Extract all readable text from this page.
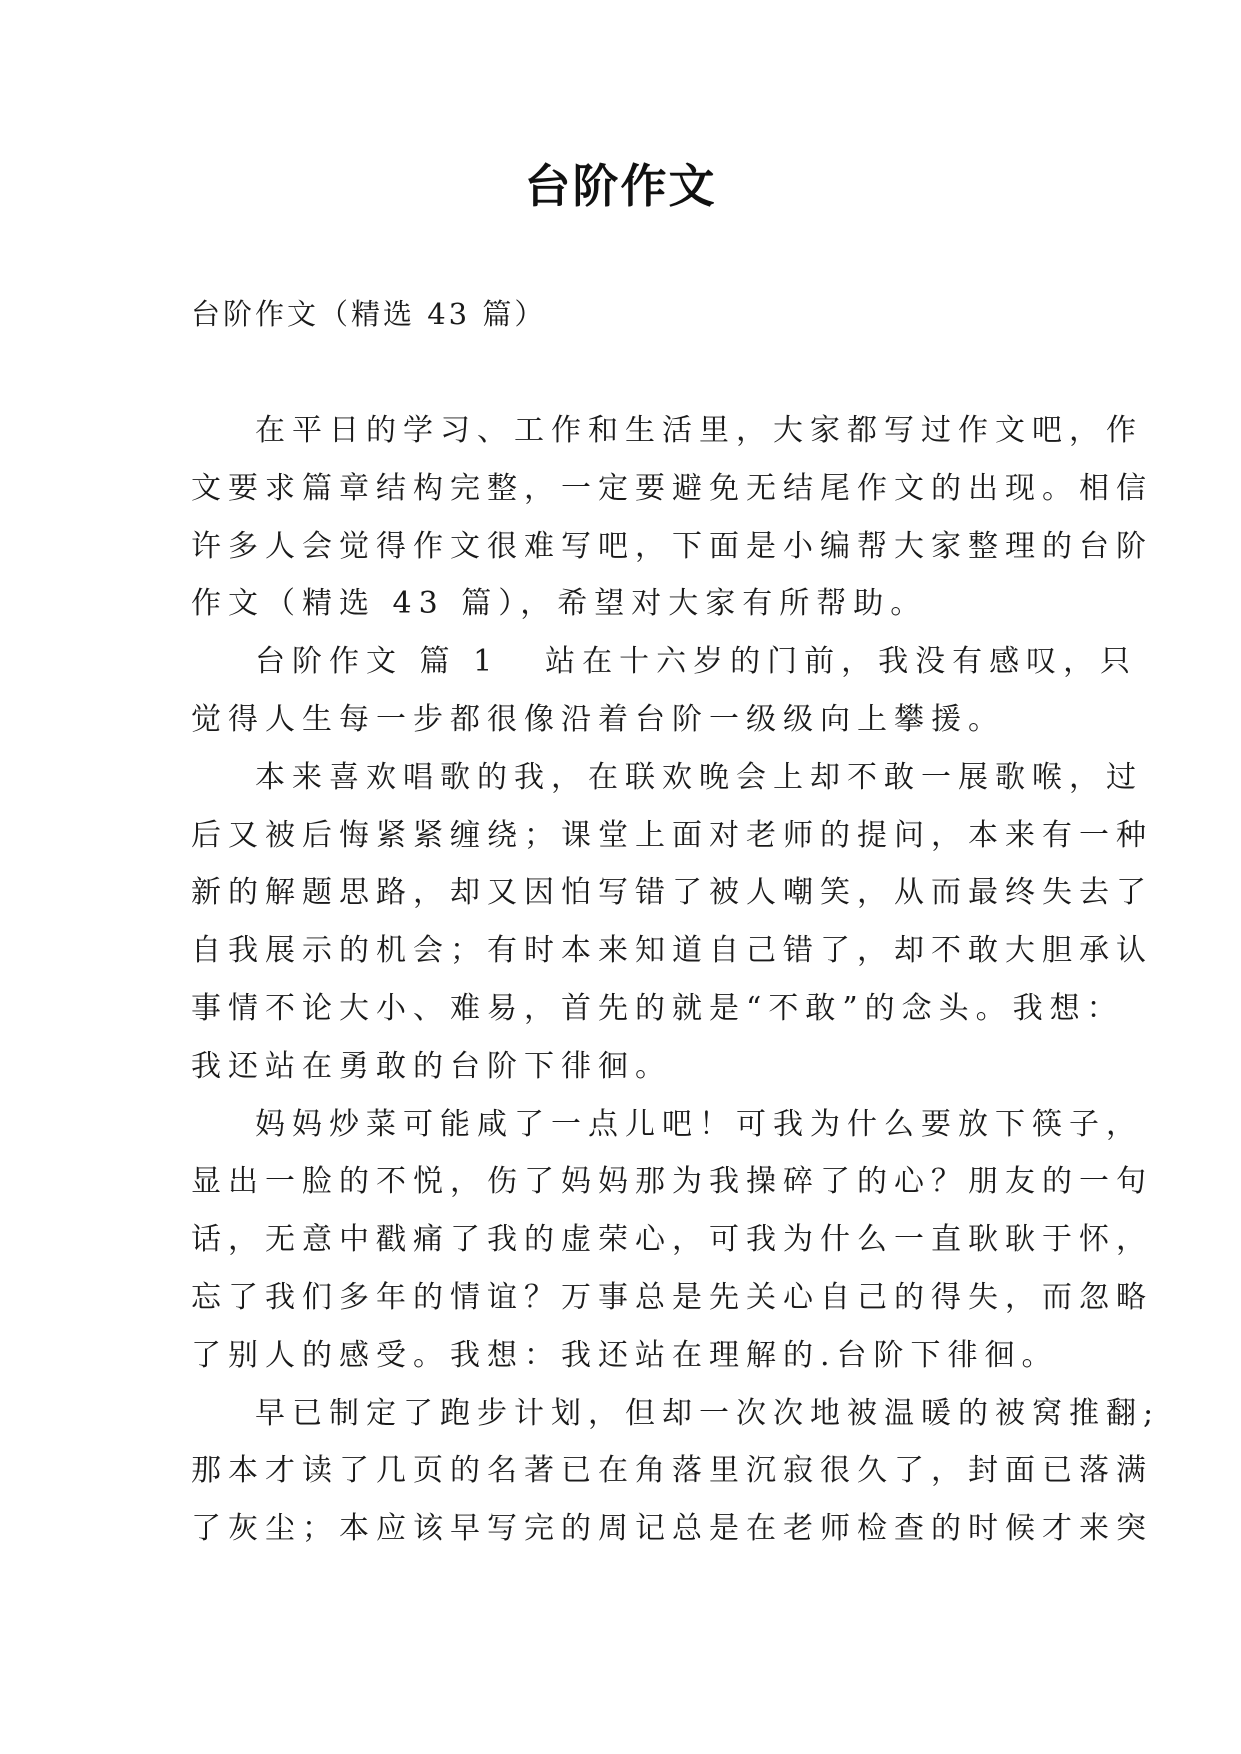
台阶作文

台阶作文（精选 43 篇）

在平日的学习、工作和生活里，大家都写过作文吧，作
文要求篇章结构完整，一定要避免无结尾作文的出现。相信
许多人会觉得作文很难写吧，下面是小编帮大家整理的台阶
作文（精选 43 篇），希望对大家有所帮助。
台阶作文 篇 1 站在十六岁的门前，我没有感叹，只
觉得人生每一步都很像沿着台阶一级级向上攀援。
本来喜欢唱歌的我，在联欢晚会上却不敢一展歌喉，过
后又被后悔紧紧缠绕；课堂上面对老师的提问，本来有一种
新的解题思路，却又因怕写错了被人嘲笑，从而最终失去了
自我展示的机会；有时本来知道自己错了，却不敢大胆承认
事情不论大小、难易，首先的就是“不敢”的念头。我想：
我还站在勇敢的台阶下徘徊。
妈妈炒菜可能咸了一点儿吧！可我为什么要放下筷子，
显出一脸的不悦，伤了妈妈那为我操碎了的心？朋友的一句
话，无意中戳痛了我的虚荣心，可我为什么一直耿耿于怀，
忘了我们多年的情谊？万事总是先关心自己的得失，而忽略
了别人的感受。我想：我还站在理解的.台阶下徘徊。
早已制定了跑步计划，但却一次次地被温暖的被窝推翻;
那本才读了几页的名著已在角落里沉寂很久了，封面已落满
了灰尘；本应该早写完的周记总是在老师检查的时候才来突
